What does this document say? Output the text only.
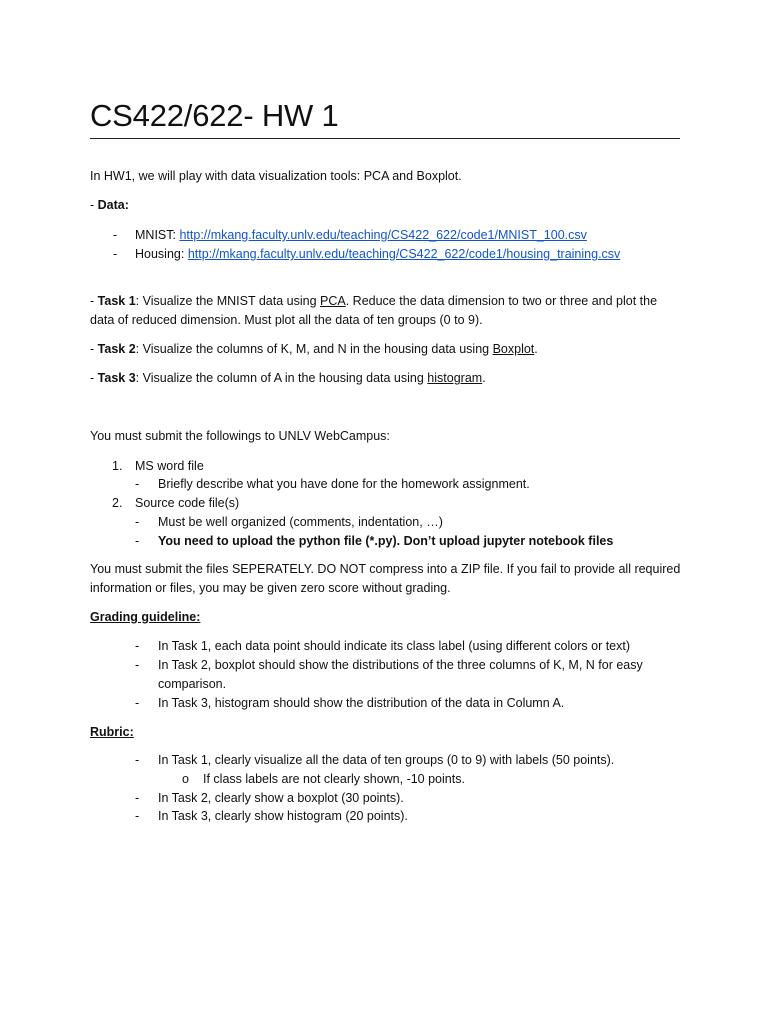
CS422/622- HW 1
In HW1, we will play with data visualization tools: PCA and Boxplot.
- Data:
- MNIST: http://mkang.faculty.unlv.edu/teaching/CS422_622/code1/MNIST_100.csv
- Housing: http://mkang.faculty.unlv.edu/teaching/CS422_622/code1/housing_training.csv
- Task 1: Visualize the MNIST data using PCA. Reduce the data dimension to two or three and plot the
data of reduced dimension. Must plot all the data of ten groups (0 to 9).
- Task 2: Visualize the columns of K, M, and N in the housing data using Boxplot.
- Task 3: Visualize the column of A in the housing data using histogram.
You must submit the followings to UNLV WebCampus:
1. MS word file
- Briefly describe what you have done for the homework assignment.
2. Source code file(s)
- Must be well organized (comments, indentation, …)
- You need to upload the python file (*.py). Don’t upload jupyter notebook files
You must submit the files SEPERATELY. DO NOT compress into a ZIP file. If you fail to provide all required
information or files, you may be given zero score without grading.
Grading guideline:
- In Task 1, each data point should indicate its class label (using different colors or text)
- In Task 2, boxplot should show the distributions of the three columns of K, M, N for easy
comparison.
- In Task 3, histogram should show the distribution of the data in Column A.
Rubric:
- In Task 1, clearly visualize all the data of ten groups (0 to 9) with labels (50 points).
o If class labels are not clearly shown, -10 points.
- In Task 2, clearly show a boxplot (30 points).
- In Task 3, clearly show histogram (20 points).
